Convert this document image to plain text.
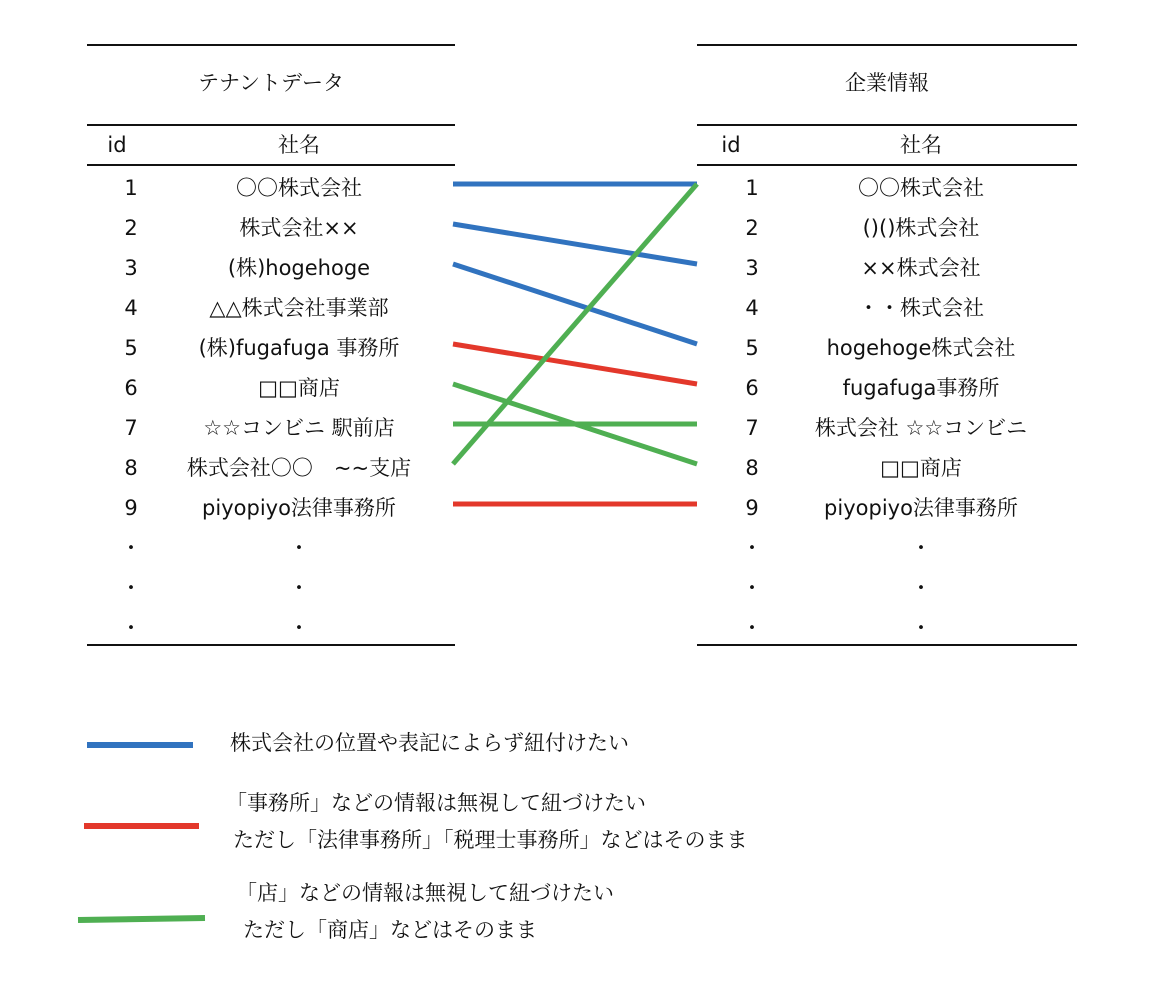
テナントデータ
id	社名
1	〇〇株式会社
2	株式会社××
3	(株)hogehoge
4	△△株式会社事業部
5	(株)fugafuga 事務所
6	□□商店
7	☆☆コンビニ 駅前店
8	株式会社〇〇　~~支店
9	piyopiyo法律事務所
・	・
・	・
・	・
企業情報
id	社名
1	〇〇株式会社
2	()()株式会社
3	××株式会社
4	・・株式会社
5	hogehoge株式会社
6	fugafuga事務所
7	株式会社 ☆☆コンビニ
8	□□商店
9	piyopiyo法律事務所
・	・
・	・
・	・
株式会社の位置や表記によらず紐付けたい
「事務所」などの情報は無視して紐づけたい
　ただし「法律事務所」「税理士事務所」などはそのまま
「店」などの情報は無視して紐づけたい
　ただし「商店」などはそのまま
